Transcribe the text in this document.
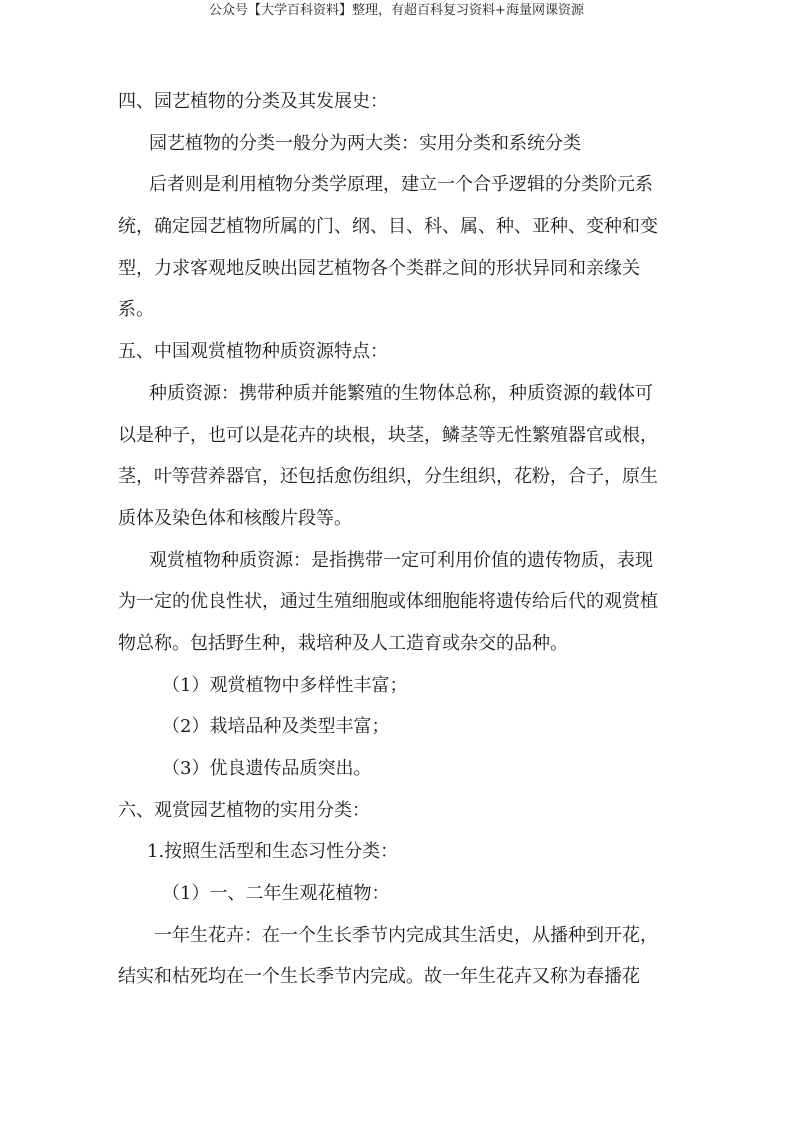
公众号【大学百科资料】整理，有超百科复习资料+海量网课资源
四、园艺植物的分类及其发展史：
园艺植物的分类一般分为两大类：实用分类和系统分类
后者则是利用植物分类学原理，建立一个合乎逻辑的分类阶元系
统，确定园艺植物所属的门、纲、目、科、属、种、亚种、变种和变
型，力求客观地反映出园艺植物各个类群之间的形状异同和亲缘关
系。
五、中国观赏植物种质资源特点：
种质资源：携带种质并能繁殖的生物体总称，种质资源的载体可
以是种子，也可以是花卉的块根，块茎，鳞茎等无性繁殖器官或根，
茎，叶等营养器官，还包括愈伤组织，分生组织，花粉，合子，原生
质体及染色体和核酸片段等。
观赏植物种质资源：是指携带一定可利用价值的遗传物质，表现
为一定的优良性状，通过生殖细胞或体细胞能将遗传给后代的观赏植
物总称。包括野生种，栽培种及人工造育或杂交的品种。
（1）观赏植物中多样性丰富；
（2）栽培品种及类型丰富；
（3）优良遗传品质突出。
六、观赏园艺植物的实用分类：
1.按照生活型和生态习性分类：
（1）一、二年生观花植物：
一年生花卉：在一个生长季节内完成其生活史，从播种到开花，
结实和枯死均在一个生长季节内完成。故一年生花卉又称为春播花
